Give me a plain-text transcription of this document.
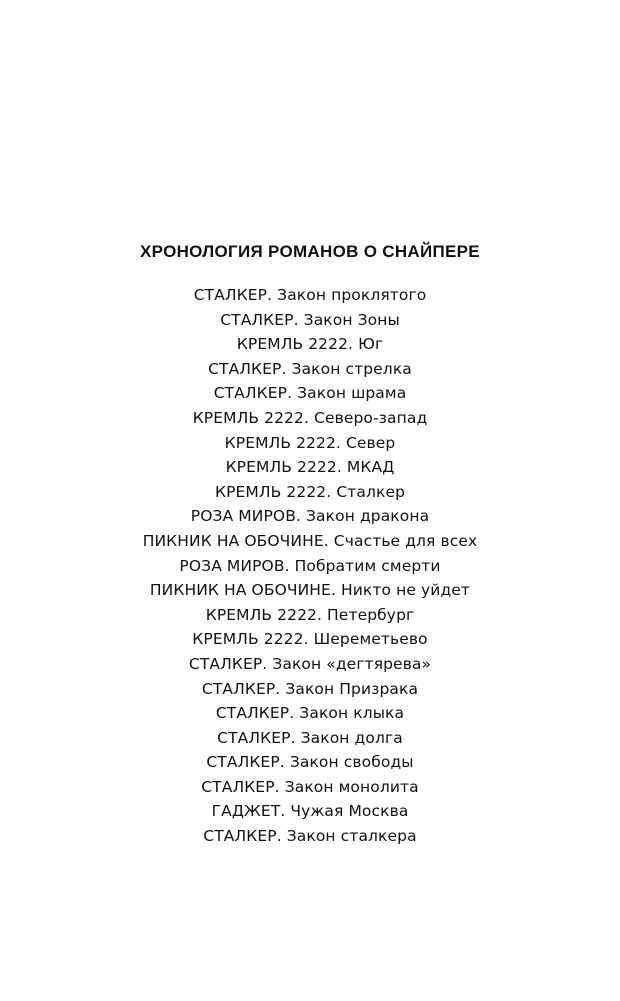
ХРОНОЛОГИЯ РОМАНОВ О СНАЙПЕРЕ
СТАЛКЕР. Закон проклятого
СТАЛКЕР. Закон Зоны
КРЕМЛЬ 2222. Юг
СТАЛКЕР. Закон стрелка
СТАЛКЕР. Закон шрама
КРЕМЛЬ 2222. Северо-запад
КРЕМЛЬ 2222. Север
КРЕМЛЬ 2222. МКАД
КРЕМЛЬ 2222. Сталкер
РОЗА МИРОВ. Закон дракона
ПИКНИК НА ОБОЧИНЕ. Счастье для всех
РОЗА МИРОВ. Побратим смерти
ПИКНИК НА ОБОЧИНЕ. Никто не уйдет
КРЕМЛЬ 2222. Петербург
КРЕМЛЬ 2222. Шереметьево
СТАЛКЕР. Закон «дегтярева»
СТАЛКЕР. Закон Призрака
СТАЛКЕР. Закон клыка
СТАЛКЕР. Закон долга
СТАЛКЕР. Закон свободы
СТАЛКЕР. Закон монолита
ГАДЖЕТ. Чужая Москва
СТАЛКЕР. Закон сталкера
